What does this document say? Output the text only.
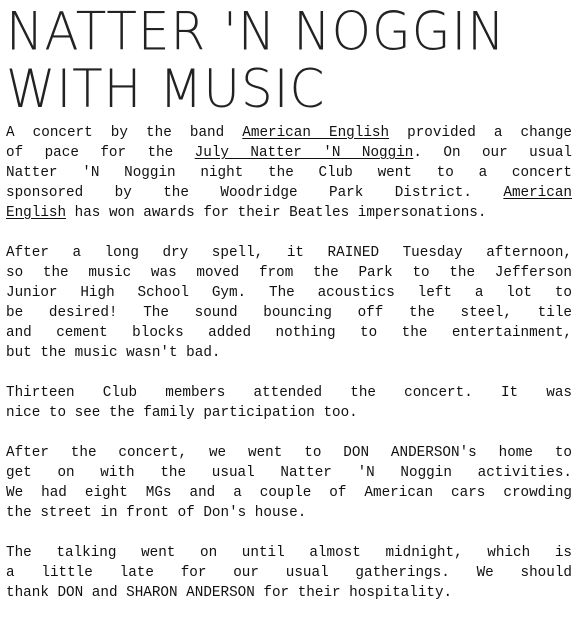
NATTER 'N NOGGIN
WITH MUSIC
A concert by the band American English provided a change
of pace for the July Natter 'N Noggin. On our usual
Natter 'N Noggin night the Club went to a concert
sponsored by the Woodridge Park District. American
English has won awards for their Beatles impersonations.
After a long dry spell, it RAINED Tuesday afternoon,
so the music was moved from the Park to the Jefferson
Junior High School Gym. The acoustics left a lot to
be desired! The sound bouncing off the steel, tile
and cement blocks added nothing to the entertainment,
but the music wasn't bad.
Thirteen Club members attended the concert. It was
nice to see the family participation too.
After the concert, we went to DON ANDERSON's home to
get on with the usual Natter 'N Noggin activities.
We had eight MGs and a couple of American cars crowding
the street in front of Don's house.
The talking went on until almost midnight, which is
a little late for our usual gatherings. We should
thank DON and SHARON ANDERSON for their hospitality.
